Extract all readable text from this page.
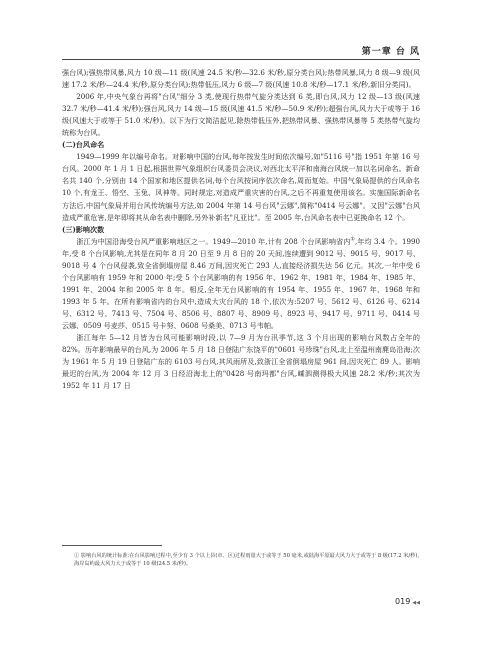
第一章 台 风

强台风);强热带风暴,风力 10 级—11 级(风速 24.5 米/秒—32.6 米/秒,原分类台风);热带风暴,风力 8 级—9 级(风速 17.2 米/秒—24.4 米/秒,原分类台风);热带低压,风力 6 级—7 级(风速 10.8 米/秒—17.1 米/秒,新旧分类同)。

2006 年,中央气象台再将"台风"细分 3 类,使现行热带气旋分类达到 6 类,即台风,风力 12 级—13 级(风速 32.7 米/秒—41.4 米/秒);强台风,风力 14 级—15 级(风速 41.5 米/秒—50.9 米/秒);超强台风,风力大于或等于 16 级(风速大于或等于 51.0 米/秒)。以下为行文简洁起见,除热带低压外,把热带风暴、强热带风暴等 5 类热带气旋均统称为台风。

(二)台风命名

1949—1999 年以编号命名。对影响中国的台风,每年按发生时间依次编号,如"5116 号"指 1951 年第 16 号台风。2000 年 1 月 1 日起,根据世界气象组织台风委员会决议,对西北太平洋和南海台风统一加以名词命名。新命名共 140 个,分别由 14 个国家和地区提供名词,每个台风按词序依次命名,周而复始。中国气象局提供的台风命名 10 个,有龙王、悟空、玉兔、风神等。同时规定,对造成严重灾害的台风,之后不再重复使用该名。实施国际新命名方法后,中国气象局并用台风传统编号方法,如 2004 年第 14 号台风"云娜",简称"0414 号云娜"。又因"云娜"台风造成严重危害,是年即将其从命名表中删除,另外补新名"凡亚比"。至 2005 年,台风命名表中已更换命名 12 个。

(三)影响次数

浙江为中国沿海受台风严重影响地区之一。1949—2010 年,计有 208 个台风影响省内①,年均 3.4 个。1990 年,受 8 个台风影响,尤其是在同年 8 月 20 日至 9 月 8 日的 20 天间,连续遭到 9012 号、9015 号、9017 号、9018 号 4 个台风侵袭,致全省倒塌房屋 8.46 万间,因灾死亡 293 人,直接经济损失达 56 亿元。其次,一年中受 6 个台风影响有 1959 年和 2000 年;受 5 个台风影响的有 1956 年、1962 年、1981 年、1984 年、1985 年、1991 年、2004 年和 2005 年 8 年。相反,全年无台风影响的有 1954 年、1955 年、1967 年、1968 年和 1993 年 5 年。在所有影响省内的台风中,造成大灾台风的 18 个,依次为:5207 号、5612 号、6126 号、6214 号、6312 号、7413 号、7504 号、8506 号、8807 号、8909 号、8923 号、9417 号、9711 号、0414 号云娜、0509 号麦莎、0515 号卡努、0608 号桑美、0713 号韦帕。

浙江每年 5—12 月皆为台风可能影响时段,以 7—9 月为台汛季节,这 3 个月出现的影响台风数占全年的 82%。历年影响最早的台风,为 2006 年 5 月 18 日登陆广东饶平的"0601 号珍珠"台风,北上至温州南麂岛沿海;次为 1961 年 5 月 19 日登陆广东的 6103 号台风,其风雨所及,致浙江全省倒塌房屋 961 间,因灾死亡 89 人。影响最迟的台风,为 2004 年 12 月 3 日经沿海北上的"0428 号南玛都"台风,嵊泗测得极大风速 28.2 米/秒;其次为 1952 年 11 月 17 日

① 影响台风的统计标准:在台风影响过程中,至少有 3 个以上县(市、区)过程雨量大于或等于 50 毫米,或陆海平原最大风力大于或等于 8 级(17.2 米/秒),海岸岛屿最大风力大于或等于 10 级(24.5 米/秒)。
019 ◀◀
